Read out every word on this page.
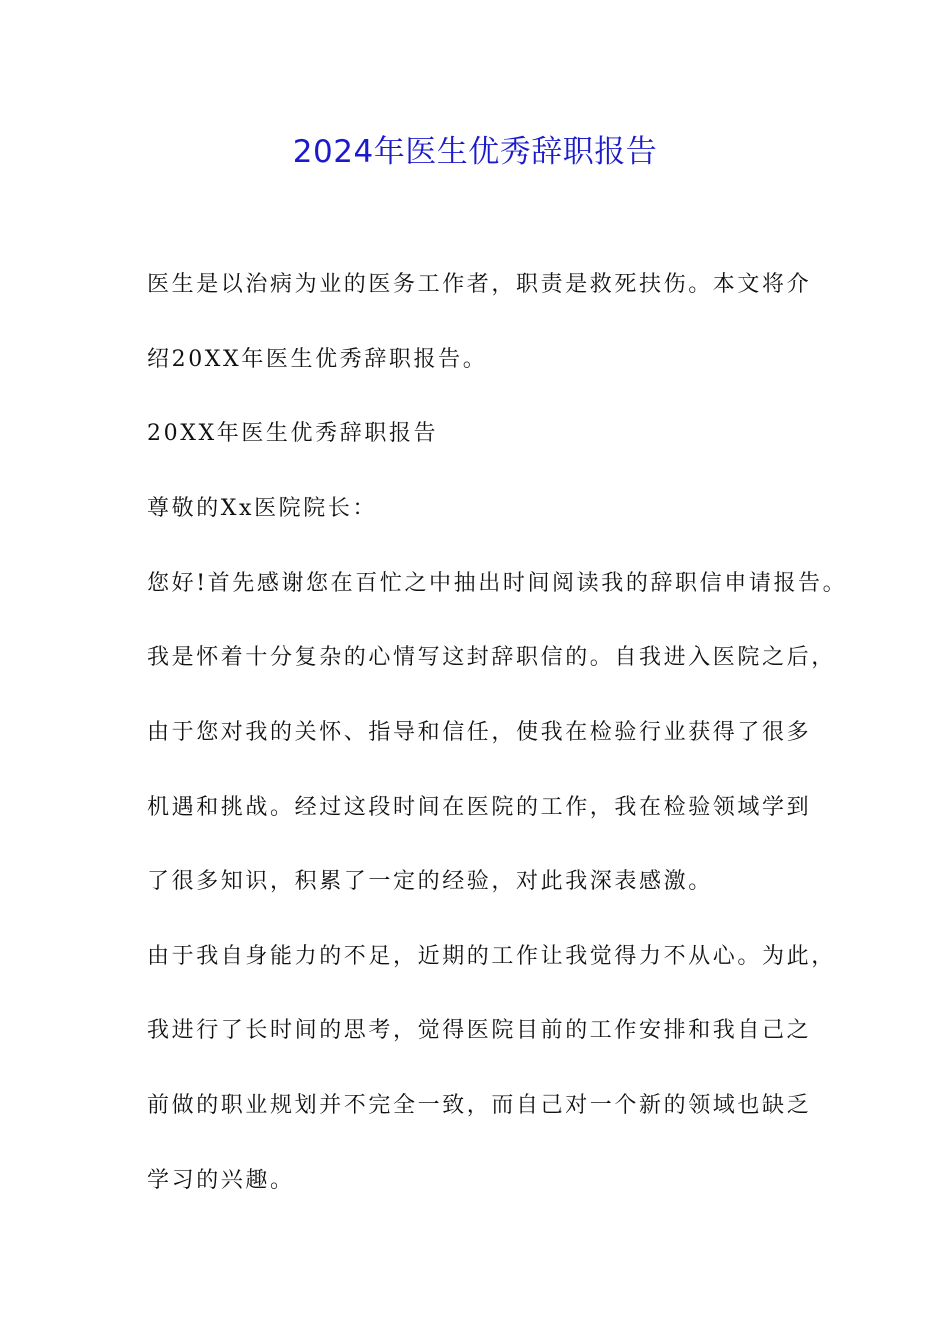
2024年医生优秀辞职报告
医生是以治病为业的医务工作者，职责是救死扶伤。本文将介
绍20XX年医生优秀辞职报告。
20XX年医生优秀辞职报告
尊敬的Xx医院院长：
您好!首先感谢您在百忙之中抽出时间阅读我的辞职信申请报告。
我是怀着十分复杂的心情写这封辞职信的。自我进入医院之后，
由于您对我的关怀、指导和信任，使我在检验行业获得了很多
机遇和挑战。经过这段时间在医院的工作，我在检验领域学到
了很多知识，积累了一定的经验，对此我深表感激。
由于我自身能力的不足，近期的工作让我觉得力不从心。为此，
我进行了长时间的思考，觉得医院目前的工作安排和我自己之
前做的职业规划并不完全一致，而自己对一个新的领域也缺乏
学习的兴趣。
